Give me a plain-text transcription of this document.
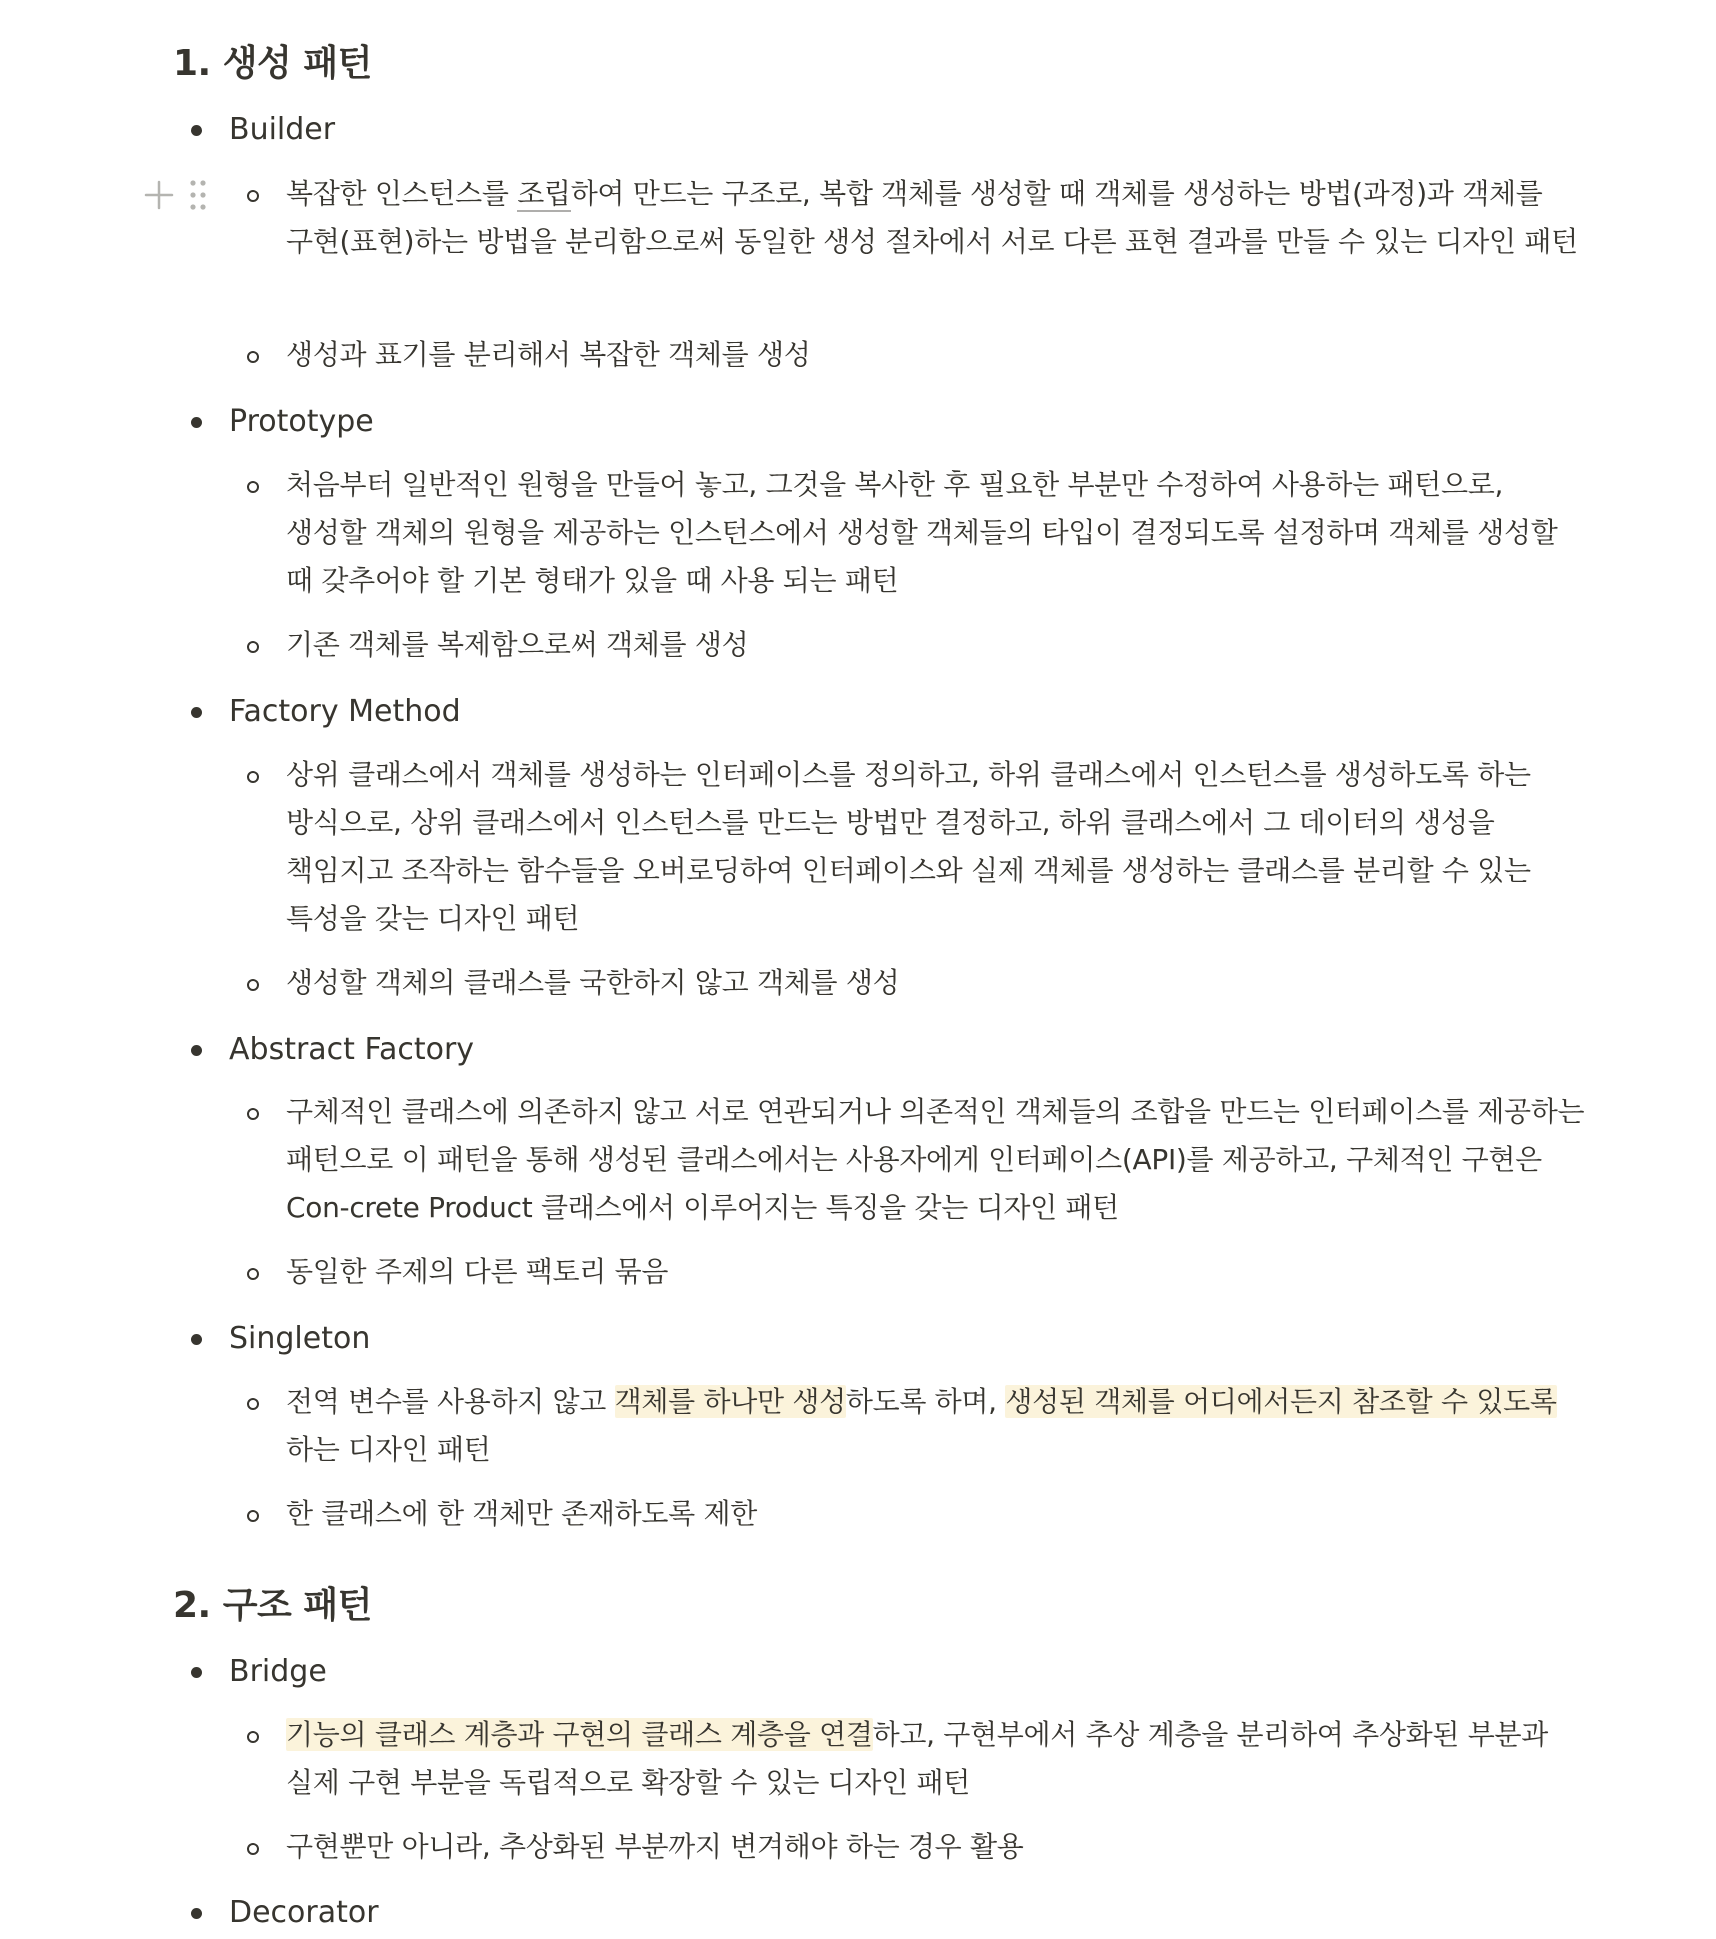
1. 생성 패턴
Builder
복잡한 인스턴스를 조립하여 만드는 구조로, 복합 객체를 생성할 때 객체를 생성하는 방법(과정)과 객체를 구현(표현)하는 방법을 분리함으로써 동일한 생성 절차에서 서로 다른 표현 결과를 만들 수 있는 디자인 패턴
생성과 표기를 분리해서 복잡한 객체를 생성
Prototype
처음부터 일반적인 원형을 만들어 놓고, 그것을 복사한 후 필요한 부분만 수정하여 사용하는 패턴으로, 생성할 객체의 원형을 제공하는 인스턴스에서 생성할 객체들의 타입이 결정되도록 설정하며 객체를 생성할 때 갖추어야 할 기본 형태가 있을 때 사용 되는 패턴
기존 객체를 복제함으로써 객체를 생성
Factory Method
상위 클래스에서 객체를 생성하는 인터페이스를 정의하고, 하위 클래스에서 인스턴스를 생성하도록 하는 방식으로, 상위 클래스에서 인스턴스를 만드는 방법만 결정하고, 하위 클래스에서 그 데이터의 생성을 책임지고 조작하는 함수들을 오버로딩하여 인터페이스와 실제 객체를 생성하는 클래스를 분리할 수 있는 특성을 갖는 디자인 패턴
생성할 객체의 클래스를 국한하지 않고 객체를 생성
Abstract Factory
구체적인 클래스에 의존하지 않고 서로 연관되거나 의존적인 객체들의 조합을 만드는 인터페이스를 제공하는 패턴으로 이 패턴을 통해 생성된 클래스에서는 사용자에게 인터페이스(API)를 제공하고, 구체적인 구현은 Con-crete Product 클래스에서 이루어지는 특징을 갖는 디자인 패턴
동일한 주제의 다른 팩토리 묶음
Singleton
전역 변수를 사용하지 않고 객체를 하나만 생성하도록 하며, 생성된 객체를 어디에서든지 참조할 수 있도록 하는 디자인 패턴
한 클래스에 한 객체만 존재하도록 제한
2. 구조 패턴
Bridge
기능의 클래스 계층과 구현의 클래스 계층을 연결하고, 구현부에서 추상 계층을 분리하여 추상화된 부분과 실제 구현 부분을 독립적으로 확장할 수 있는 디자인 패턴
구현뿐만 아니라, 추상화된 부분까지 변겨해야 하는 경우 활용
Decorator
